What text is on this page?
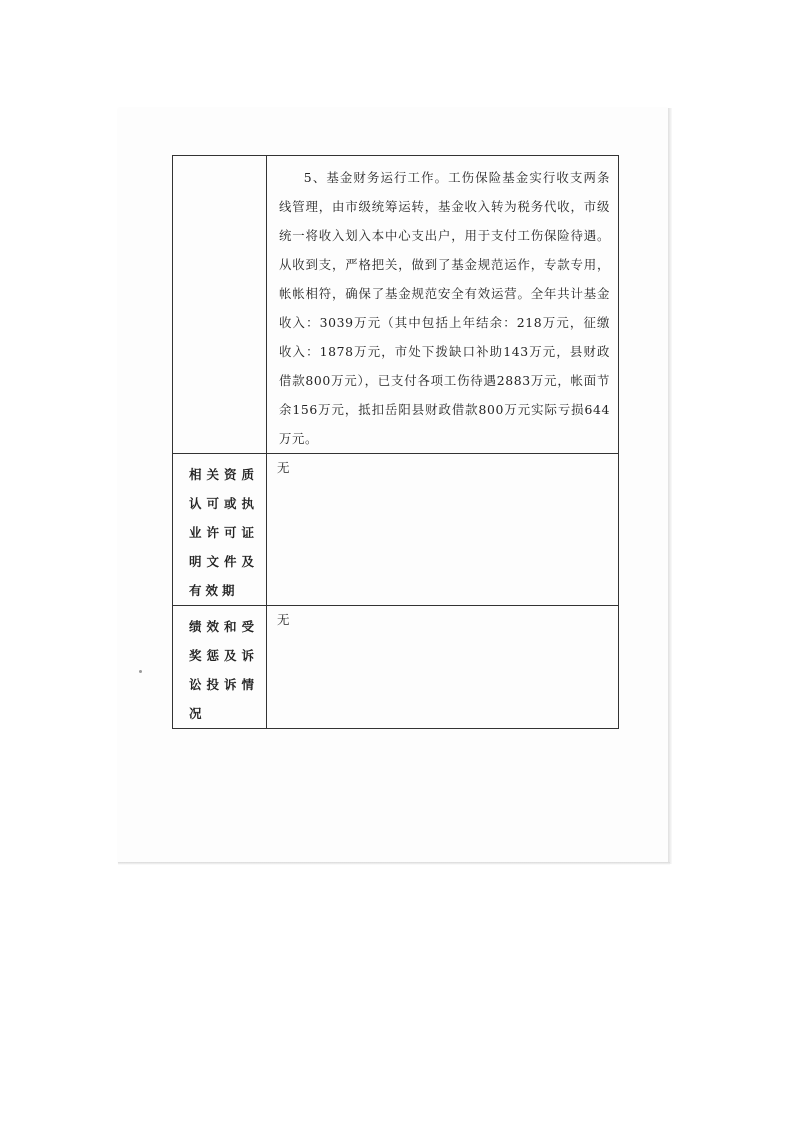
	5、基金财务运行工作。工伤保险基金实行收支两条线管理，由市级统筹运转，基金收入转为税务代收，市级统一将收入划入本中心支出户，用于支付工伤保险待遇。从收到支，严格把关，做到了基金规范运作，专款专用，帐帐相符，确保了基金规范安全有效运营。全年共计基金收入：3039万元（其中包括上年结余：218万元，征缴收入：1878万元，市处下拨缺口补助143万元，县财政借款800万元），已支付各项工伤待遇2883万元，帐面节余156万元，抵扣岳阳县财政借款800万元实际亏损644万元。

相关资质认可或执业许可证明文件及有效期	无

绩效和受奖惩及诉讼投诉情况	无
